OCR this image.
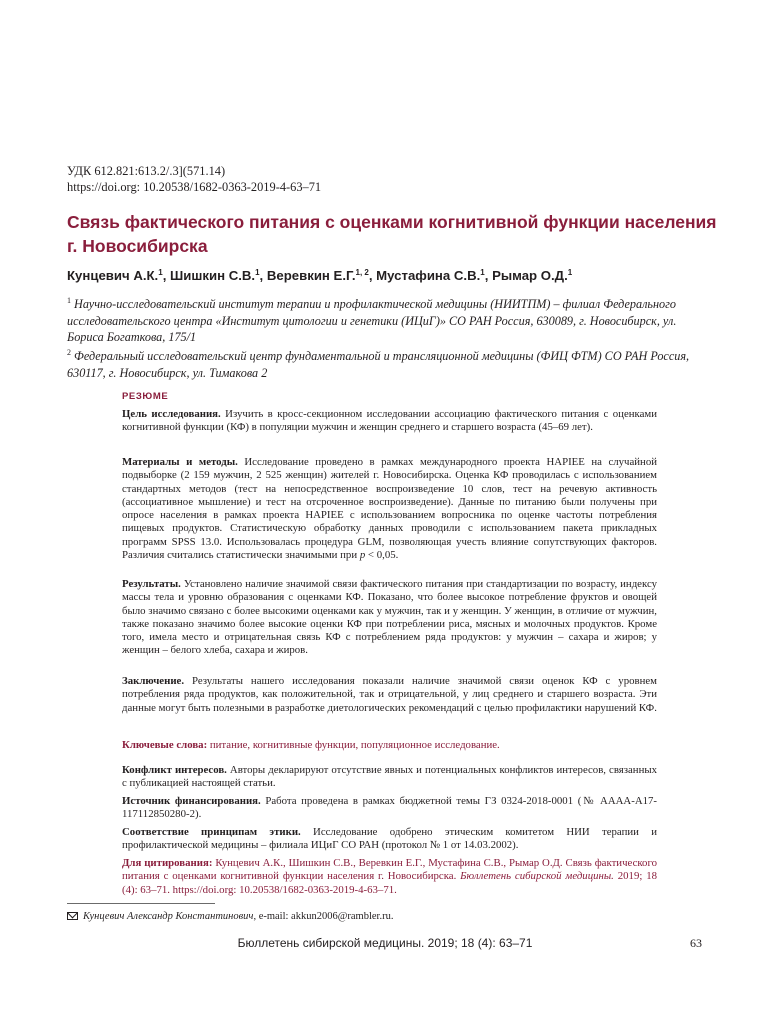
УДК 612.821:613.2/.3](571.14)
https://doi.org: 10.20538/1682-0363-2019-4-63–71
Связь фактического питания с оценками когнитивной функции населения г. Новосибирска
Кунцевич А.К.$^1$, Шишкин С.В.$^1$, Веревкин Е.Г.$^{1, 2}$, Мустафина С.В.$^1$, Рымар О.Д.$^1$
$^1$ Научно-исследовательский институт терапии и профилактической медицины (НИИТПМ) – филиал Федерального исследовательского центра «Институт цитологии и генетики (ИЦиГ)» СО РАН Россия, 630089, г. Новосибирск, ул. Бориса Богаткова, 175/1
$^2$ Федеральный исследовательский центр фундаментальной и трансляционной медицины (ФИЦ ФТМ) СО РАН Россия, 630117, г. Новосибирск, ул. Тимакова 2
РЕЗЮМЕ

Цель исследования. Изучить в кросс-секционном исследовании ассоциацию фактического питания с оценками когнитивной функции (КФ) в популяции мужчин и женщин среднего и старшего возраста (45–69 лет).

Материалы и методы. Исследование проведено в рамках международного проекта HAPIEE на случайной подвыборке (2 159 мужчин, 2 525 женщин) жителей г. Новосибирска. Оценка КФ проводилась с использованием стандартных методов (тест на непосредственное воспроизведение 10 слов, тест на речевую активность (ассоциативное мышление) и тест на отсроченное воспроизведение). Данные по питанию были получены при опросе населения в рамках проекта HAPIEE с использованием вопросника по оценке частоты потребления пищевых продуктов. Статистическую обработку данных проводили с использованием пакета прикладных программ SPSS 13.0. Использовалась процедура GLM, позволяющая учесть влияние сопутствующих факторов. Различия считались статистически значимыми при p < 0,05.

Результаты. Установлено наличие значимой связи фактического питания при стандартизации по возрасту, индексу массы тела и уровню образования с оценками КФ. Показано, что более высокое потребление фруктов и овощей было значимо связано с более высокими оценками как у мужчин, так и у женщин. У женщин, в отличие от мужчин, также показано значимо более высокие оценки КФ при потреблении риса, мясных и молочных продуктов. Кроме того, имела место и отрицательная связь КФ с потреблением ряда продуктов: у мужчин – сахара и жиров; у женщин – белого хлеба, сахара и жиров.

Заключение. Результаты нашего исследования показали наличие значимой связи оценок КФ с уровнем потребления ряда продуктов, как положительной, так и отрицательной, у лиц среднего и старшего возраста. Эти данные могут быть полезными в разработке диетологических рекомендаций с целью профилактики нарушений КФ.

Ключевые слова: питание, когнитивные функции, популяционное исследование.

Конфликт интересов. Авторы декларируют отсутствие явных и потенциальных конфликтов интересов, связанных с публикацией настоящей статьи.

Источник финансирования. Работа проведена в рамках бюджетной темы ГЗ 0324-2018-0001 (№ АААА-А17-117112850280-2).

Соответствие принципам этики. Исследование одобрено этическим комитетом НИИ терапии и профилактической медицины – филиала ИЦиГ СО РАН (протокол № 1 от 14.03.2002).

Для цитирования: Кунцевич А.К., Шишкин С.В., Веревкин Е.Г., Мустафина С.В., Рымар О.Д. Связь фактического питания с оценками когнитивной функции населения г. Новосибирска. Бюллетень сибирской медицины. 2019; 18 (4): 63–71. https://doi.org: 10.20538/1682-0363-2019-4-63–71.

Кунцевич Александр Константинович, e-mail: akkun2006@rambler.ru.
Бюллетень сибирской медицины. 2019; 18 (4): 63–71	63
